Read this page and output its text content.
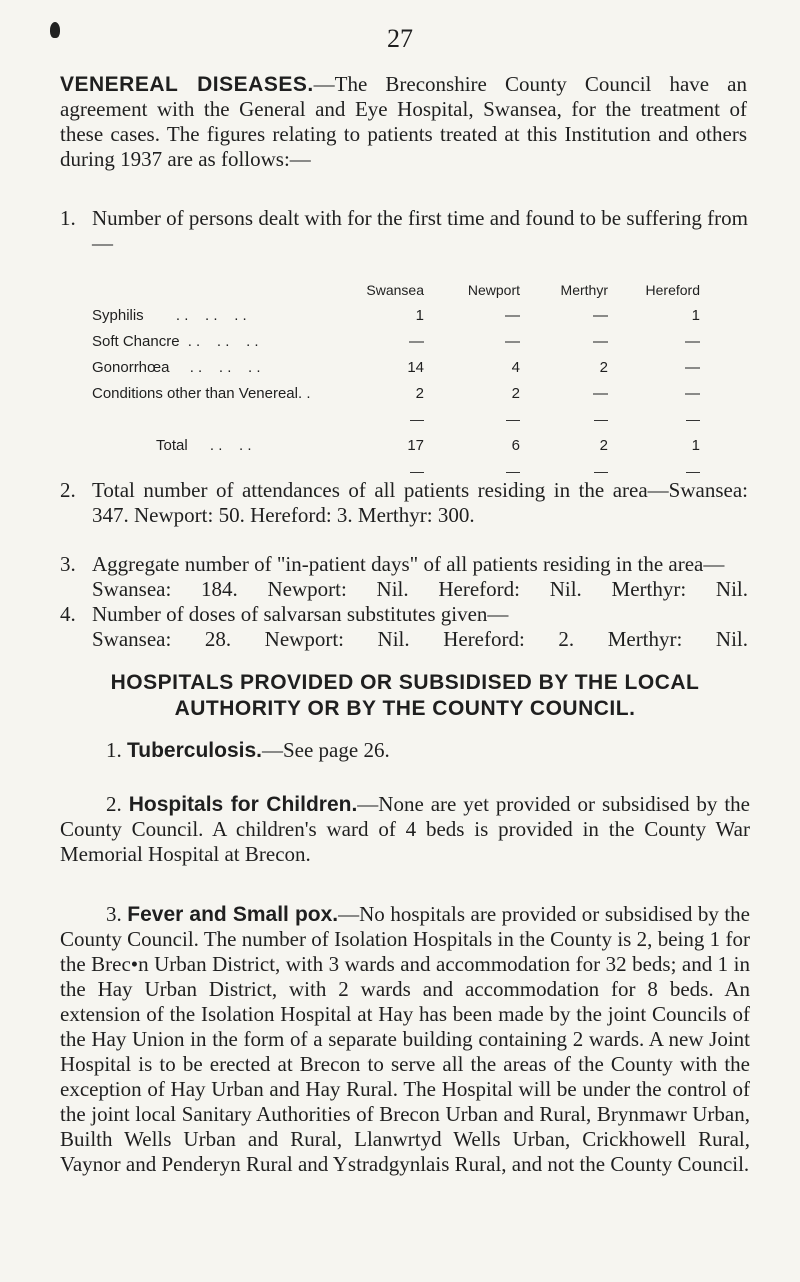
27
VENEREAL DISEASES.—The Breconshire County Council have an agreement with the General and Eye Hospital, Swansea, for the treatment of these cases. The figures relating to patients treated at this Institution and others during 1937 are as follows:—
1. Number of persons dealt with for the first time and found to be suffering from—
	Swansea	Newport	Merthyr	Hereford
Syphilis . .    . .    . .	1	—	—	1
Soft Chancre . .    . .    . .	—	—	—	—
Gonorrhœa . .    . .    . .	14	4	2	—
Conditions other than Venereal. .	2	2	—	—

Total . .    . .	17	6	2	1

2. Total number of attendances of all patients residing in the area—Swansea: 347. Newport: 50. Hereford: 3. Merthyr: 300.
3. Aggregate number of "in-patient days" of all patients residing in the area—
Swansea: 184. Newport: Nil. Hereford: Nil. Merthyr: Nil.
4. Number of doses of salvarsan substitutes given—
Swansea: 28. Newport: Nil. Hereford: 2. Merthyr: Nil.
HOSPITALS PROVIDED OR SUBSIDISED BY THE LOCAL
AUTHORITY OR BY THE COUNTY COUNCIL.
1. Tuberculosis.—See page 26.
2. Hospitals for Children.—None are yet provided or subsidised by the County Council. A children's ward of 4 beds is provided in the County War Memorial Hospital at Brecon.
3. Fever and Small pox.—No hospitals are provided or subsidised by the County Council. The number of Isolation Hospitals in the County is 2, being 1 for the Brec•n Urban District, with 3 wards and accommodation for 32 beds; and 1 in the Hay Urban District, with 2 wards and accommodation for 8 beds. An extension of the Isolation Hospital at Hay has been made by the joint Councils of the Hay Union in the form of a separate building containing 2 wards. A new Joint Hospital is to be erected at Brecon to serve all the areas of the County with the exception of Hay Urban and Hay Rural. The Hospital will be under the control of the joint local Sanitary Authorities of Brecon Urban and Rural, Brynmawr Urban, Builth Wells Urban and Rural, Llanwrtyd Wells Urban, Crickhowell Rural, Vaynor and Penderyn Rural and Ystradgynlais Rural, and not the County Council.
